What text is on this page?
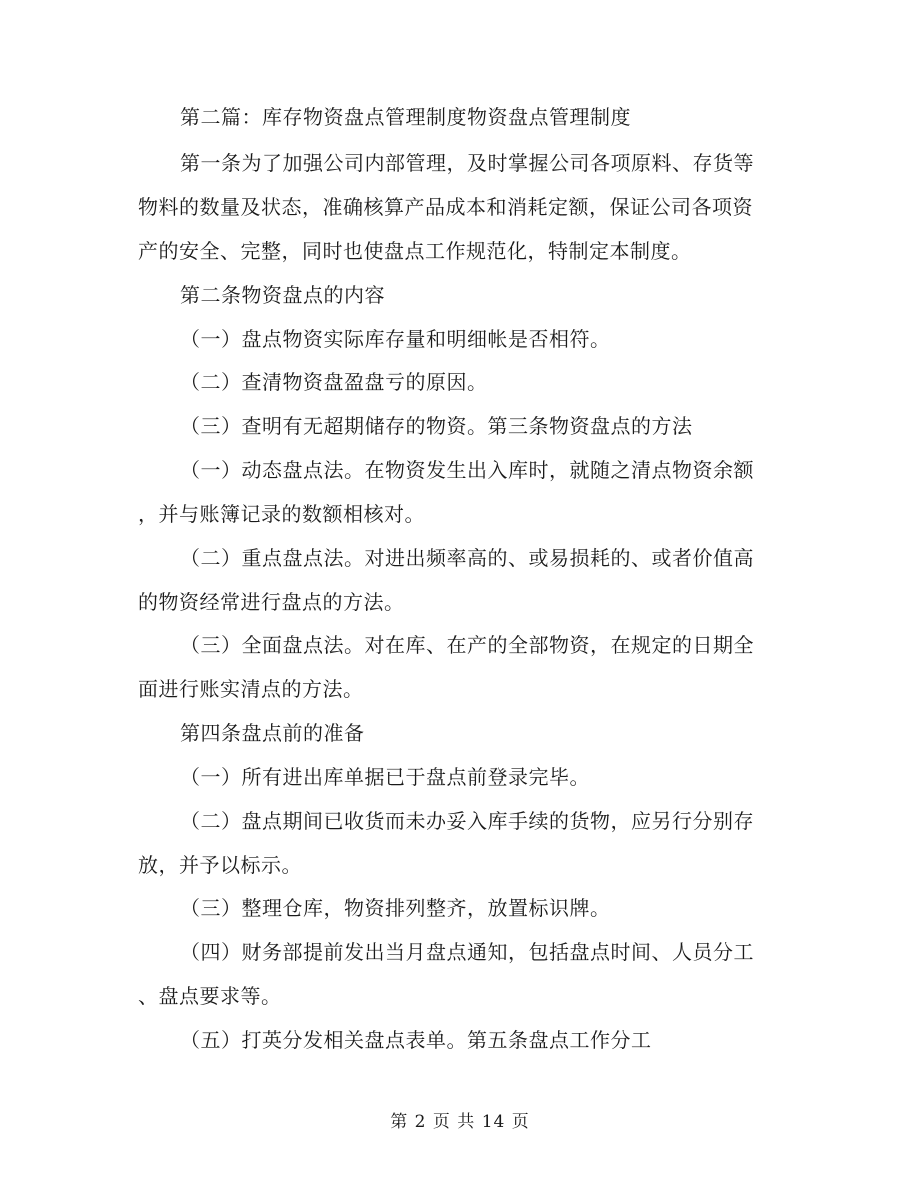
第二篇：库存物资盘点管理制度物资盘点管理制度
第一条为了加强公司内部管理，及时掌握公司各项原料、存货等
物料的数量及状态，准确核算产品成本和消耗定额，保证公司各项资
产的安全、完整，同时也使盘点工作规范化，特制定本制度。
第二条物资盘点的内容
（一）盘点物资实际库存量和明细帐是否相符。
（二）查清物资盘盈盘亏的原因。
（三）查明有无超期储存的物资。第三条物资盘点的方法
（一）动态盘点法。在物资发生出入库时，就随之清点物资余额
，并与账簿记录的数额相核对。
（二）重点盘点法。对进出频率高的、或易损耗的、或者价值高
的物资经常进行盘点的方法。
（三）全面盘点法。对在库、在产的全部物资，在规定的日期全
面进行账实清点的方法。
第四条盘点前的准备
（一）所有进出库单据已于盘点前登录完毕。
（二）盘点期间已收货而未办妥入库手续的货物，应另行分别存
放，并予以标示。
（三）整理仓库，物资排列整齐，放置标识牌。
（四）财务部提前发出当月盘点通知，包括盘点时间、人员分工
、盘点要求等。
（五）打英分发相关盘点表单。第五条盘点工作分工
第 2 页 共 14 页
